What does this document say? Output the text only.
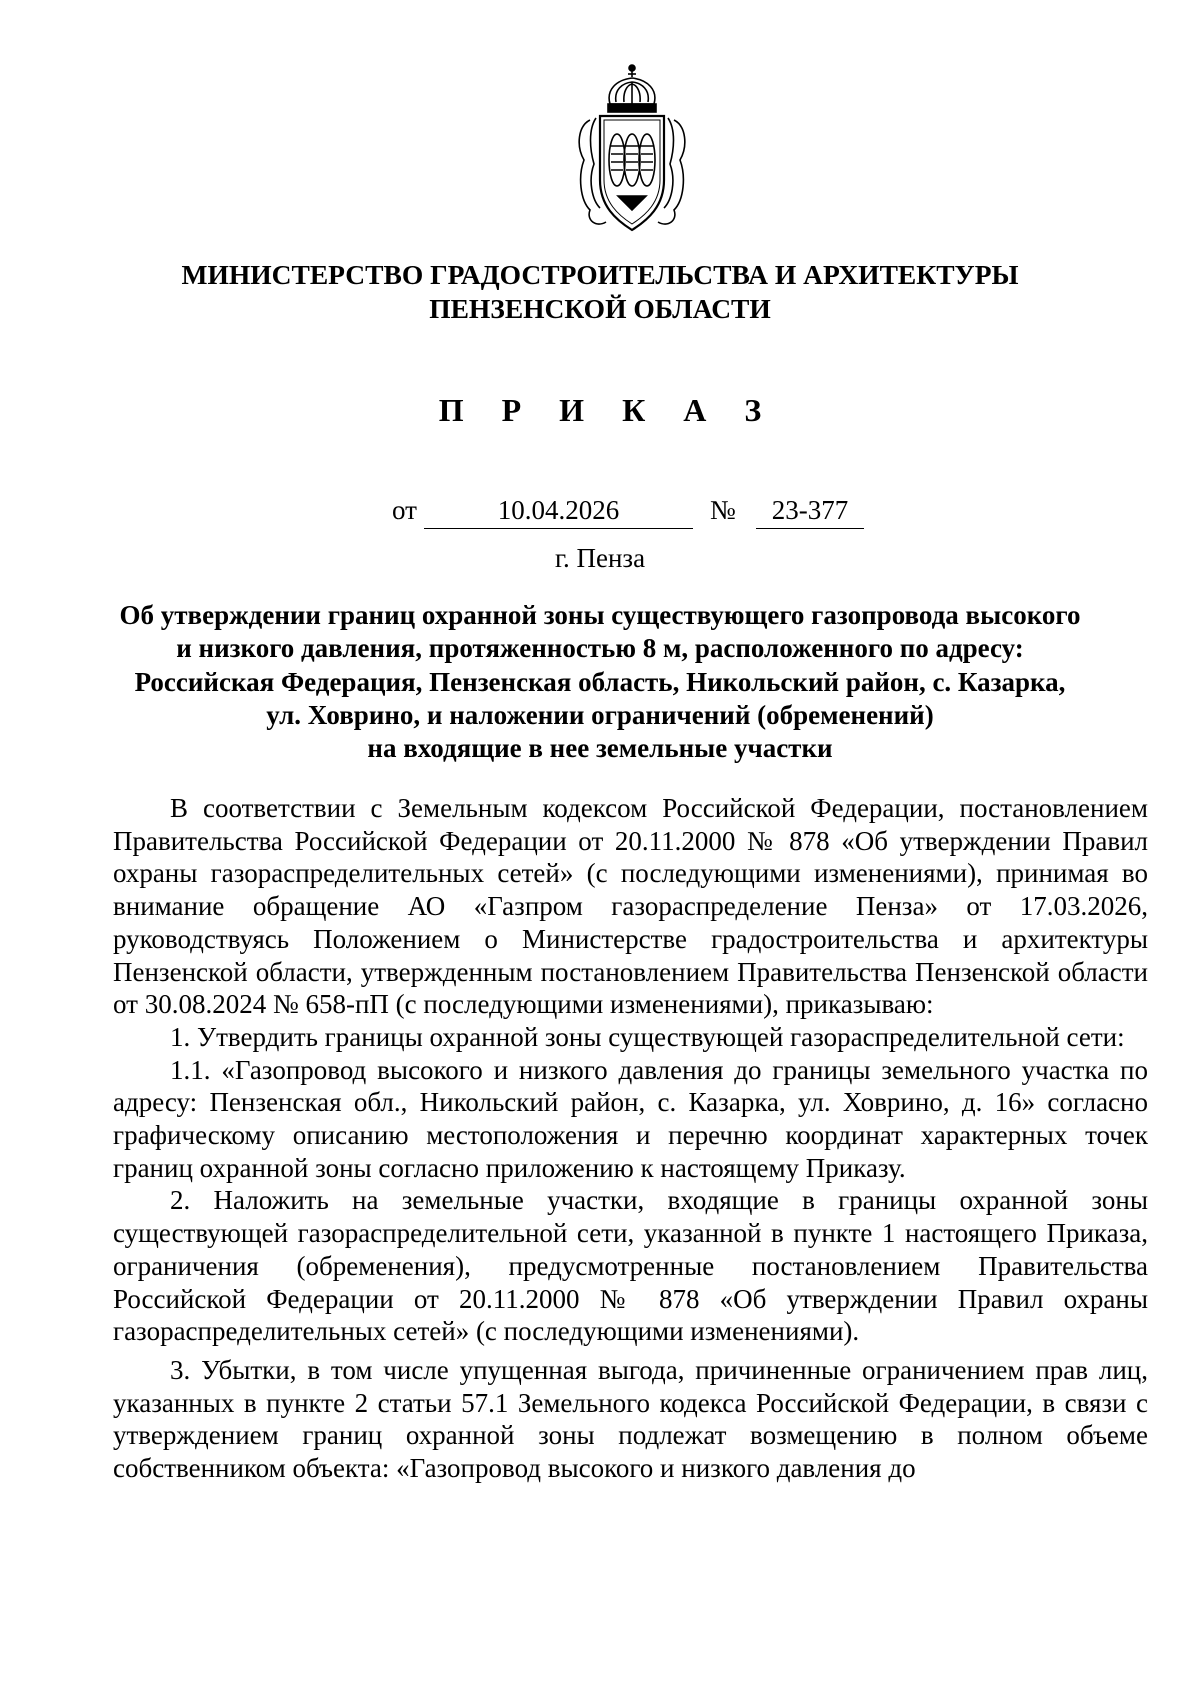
МИНИСТЕРСТВО ГРАДОСТРОИТЕЛЬСТВА И АРХИТЕКТУРЫ
ПЕНЗЕНСКОЙ ОБЛАСТИ
П Р И К А З
от	10.04.2026	№	23-377
г. Пенза
Об утверждении границ охранной зоны существующего газопровода высокого
и низкого давления, протяженностью 8 м, расположенного по адресу:
Российская Федерация, Пензенская область, Никольский район, с. Казарка,
ул. Ховрино, и наложении ограничений (обременений)
на входящие в нее земельные участки

В соответствии с Земельным кодексом Российской Федерации, постановлением Правительства Российской Федерации от 20.11.2000 № 878 «Об утверждении Правил охраны газораспределительных сетей» (с последующими изменениями), принимая во внимание обращение АО «Газпром газораспределение Пенза» от 17.03.2026, руководствуясь Положением о Министерстве градостроительства и архитектуры Пензенской области, утвержденным постановлением Правительства Пензенской области от 30.08.2024 № 658-пП (с последующими изменениями), приказываю:

1. Утвердить границы охранной зоны существующей газораспределительной сети:

1.1. «Газопровод высокого и низкого давления до границы земельного участка по адресу: Пензенская обл., Никольский район, с. Казарка, ул. Ховрино, д. 16» согласно графическому описанию местоположения и перечню координат характерных точек границ охранной зоны согласно приложению к настоящему Приказу.

2. Наложить на земельные участки, входящие в границы охранной зоны существующей газораспределительной сети, указанной в пункте 1 настоящего Приказа, ограничения (обременения), предусмотренные постановлением Правительства Российской Федерации от 20.11.2000 № 878 «Об утверждении Правил охраны газораспределительных сетей» (с последующими изменениями).

3. Убытки, в том числе упущенная выгода, причиненные ограничением прав лиц, указанных в пункте 2 статьи 57.1 Земельного кодекса Российской Федерации, в связи с утверждением границ охранной зоны подлежат возмещению в полном объеме собственником объекта: «Газопровод высокого и низкого давления до
